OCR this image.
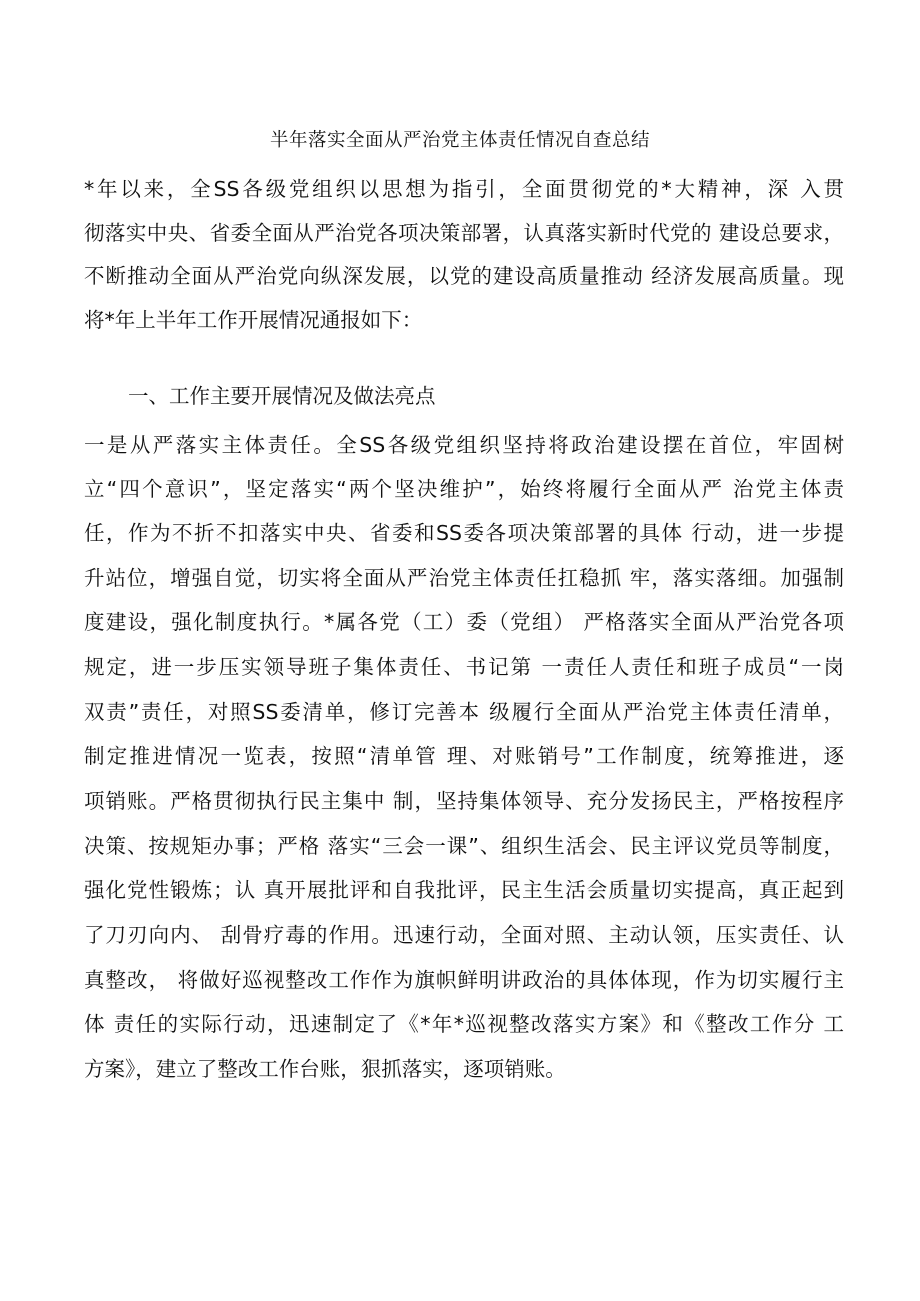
半年落实全面从严治党主体责任情况自查总结
*年以来，全SS各级党组织以思想为指引，全面贯彻党的*大精神，深 入贯
彻落实中央、省委全面从严治党各项决策部署，认真落实新时代党的 建设总要求，
不断推动全面从严治党向纵深发展，以党的建设高质量推动 经济发展高质量。现
将*年上半年工作开展情况通报如下：
一、工作主要开展情况及做法亮点
一是从严落实主体责任。全SS各级党组织坚持将政治建设摆在首位，牢固树
立“四个意识”，坚定落实“两个坚决维护”，始终将履行全面从严 治党主体责
任，作为不折不扣落实中央、省委和SS委各项决策部署的具体 行动，进一步提
升站位，增强自觉，切实将全面从严治党主体责任扛稳抓 牢，落实落细。加强制
度建设，强化制度执行。*属各党（工）委（党组） 严格落实全面从严治党各项
规定，进一步压实领导班子集体责任、书记第 一责任人责任和班子成员“一岗
双责”责任，对照SS委清单，修订完善本 级履行全面从严治党主体责任清单，
制定推进情况一览表，按照“清单管 理、对账销号”工作制度，统筹推进，逐
项销账。严格贯彻执行民主集中 制，坚持集体领导、充分发扬民主，严格按程序
决策、按规矩办事；严格 落实“三会一课”、组织生活会、民主评议党员等制度，
强化党性锻炼；认 真开展批评和自我批评，民主生活会质量切实提高，真正起到
了刀刃向内、 刮骨疗毒的作用。迅速行动，全面对照、主动认领，压实责任、认
真整改， 将做好巡视整改工作作为旗帜鲜明讲政治的具体体现，作为切实履行主
体 责任的实际行动，迅速制定了《*年*巡视整改落实方案》和《整改工作分 工
方案》，建立了整改工作台账，狠抓落实，逐项销账。
